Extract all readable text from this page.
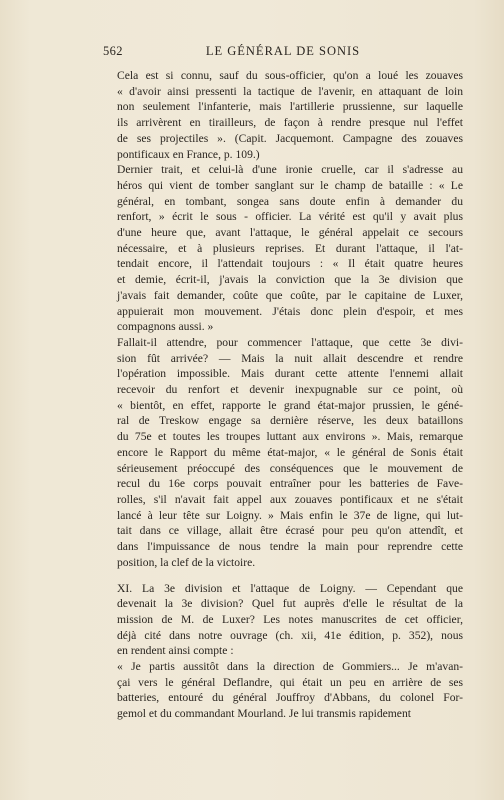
562	LE GÉNÉRAL DE SONIS

Cela est si connu, sauf du sous-officier, qu'on a loué les zouaves
« d'avoir ainsi pressenti la tactique de l'avenir, en attaquant de loin
non seulement l'infanterie, mais l'artillerie prussienne, sur laquelle
ils arrivèrent en tirailleurs, de façon à rendre presque nul l'effet
de ses projectiles ». (Capit. Jacquemont. Campagne des zouaves
pontificaux en France, p. 109.)

Dernier trait, et celui-là d'une ironie cruelle, car il s'adresse au
héros qui vient de tomber sanglant sur le champ de bataille : « Le
général, en tombant, songea sans doute enfin à demander du
renfort, » écrit le sous - officier. La vérité est qu'il y avait plus
d'une heure que, avant l'attaque, le général appelait ce secours
nécessaire, et à plusieurs reprises. Et durant l'attaque, il l'at-
tendait encore, il l'attendait toujours : « Il était quatre heures
et demie, écrit-il, j'avais la conviction que la 3e division que
j'avais fait demander, coûte que coûte, par le capitaine de Luxer,
appuierait mon mouvement. J'étais donc plein d'espoir, et mes
compagnons aussi. »

Fallait-il attendre, pour commencer l'attaque, que cette 3e divi-
sion fût arrivée? — Mais la nuit allait descendre et rendre
l'opération impossible. Mais durant cette attente l'ennemi allait
recevoir du renfort et devenir inexpugnable sur ce point, où
« bientôt, en effet, rapporte le grand état-major prussien, le géné-
ral de Treskow engage sa dernière réserve, les deux bataillons
du 75e et toutes les troupes luttant aux environs ». Mais, remarque
encore le Rapport du même état-major, « le général de Sonis était
sérieusement préoccupé des conséquences que le mouvement de
recul du 16e corps pouvait entraîner pour les batteries de Fave-
rolles, s'il n'avait fait appel aux zouaves pontificaux et ne s'était
lancé à leur tête sur Loigny. » Mais enfin le 37e de ligne, qui lut-
tait dans ce village, allait être écrasé pour peu qu'on attendît, et
dans l'impuissance de nous tendre la main pour reprendre cette
position, la clef de la victoire.

XI. La 3e division et l'attaque de Loigny. — Cependant que
devenait la 3e division? Quel fut auprès d'elle le résultat de la
mission de M. de Luxer? Les notes manuscrites de cet officier,
déjà cité dans notre ouvrage (ch. xii, 41e édition, p. 352), nous
en rendent ainsi compte :

« Je partis aussitôt dans la direction de Gommiers... Je m'avan-
çai vers le général Deflandre, qui était un peu en arrière de ses
batteries, entouré du général Jouffroy d'Abbans, du colonel For-
gemol et du commandant Mourland. Je lui transmis rapidement
